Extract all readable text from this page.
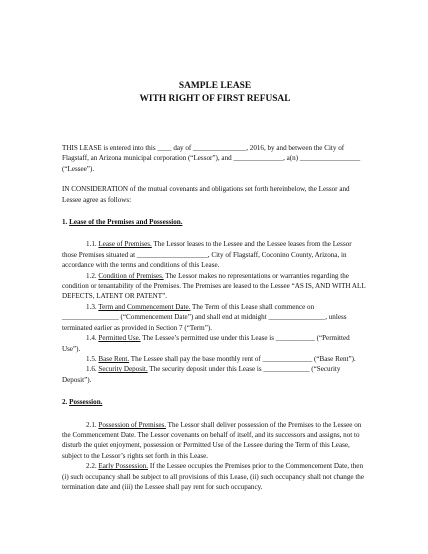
SAMPLE LEASE
WITH RIGHT OF FIRST REFUSAL

THIS LEASE is entered into this ____ day of _______________, 2016, by and between the City of Flagstaff, an Arizona municipal corporation (“Lessor”), and ______________, a(n) _________________ (“Lessee”).

IN CONSIDERATION of the mutual covenants and obligations set forth hereinbelow, the Lessor and Lessee agree as follows:

1. Lease of the Premises and Possession.

1.1. Lease of Premises. The Lessor leases to the Lessee and the Lessee leases from the Lessor those Premises situated at ____________________, City of Flagstaff, Coconino County, Arizona, in accordance with the terms and conditions of this Lease.

1.2. Condition of Premises. The Lessor makes no representations or warranties regarding the condition or tenantability of the Premises. The Premises are leased to the Lessee “AS IS, AND WITH ALL DEFECTS, LATENT OR PATENT”.

1.3. Term and Commencement Date. The Term of this Lease shall commence on ________________ (“Commencement Date”) and shall end at midnight ________________, unless terminated earlier as provided in Section 7 (“Term”).

1.4. Permitted Use. The Lessee’s permitted use under this Lease is ___________ (“Permitted Use”).

1.5. Base Rent. The Lessee shall pay the base monthly rent of ______________ (“Base Rent”).

1.6. Security Deposit. The security deposit under this Lease is _____________ (“Security Deposit”).

2. Possession.

2.1. Possession of Premises. The Lessor shall deliver possession of the Premises to the Lessee on the Commencement Date. The Lessor covenants on behalf of itself, and its successors and assigns, not to disturb the quiet enjoyment, possession or Permitted Use of the Lessee during the Term of this Lease, subject to the Lessor’s rights set forth in this Lease.

2.2. Early Possession. If the Lessee occupies the Premises prior to the Commencement Date, then (i) such occupancy shall be subject to all provisions of this Lease, (ii) such occupancy shall not change the termination date and (iii) the Lessee shall pay rent for such occupancy.
